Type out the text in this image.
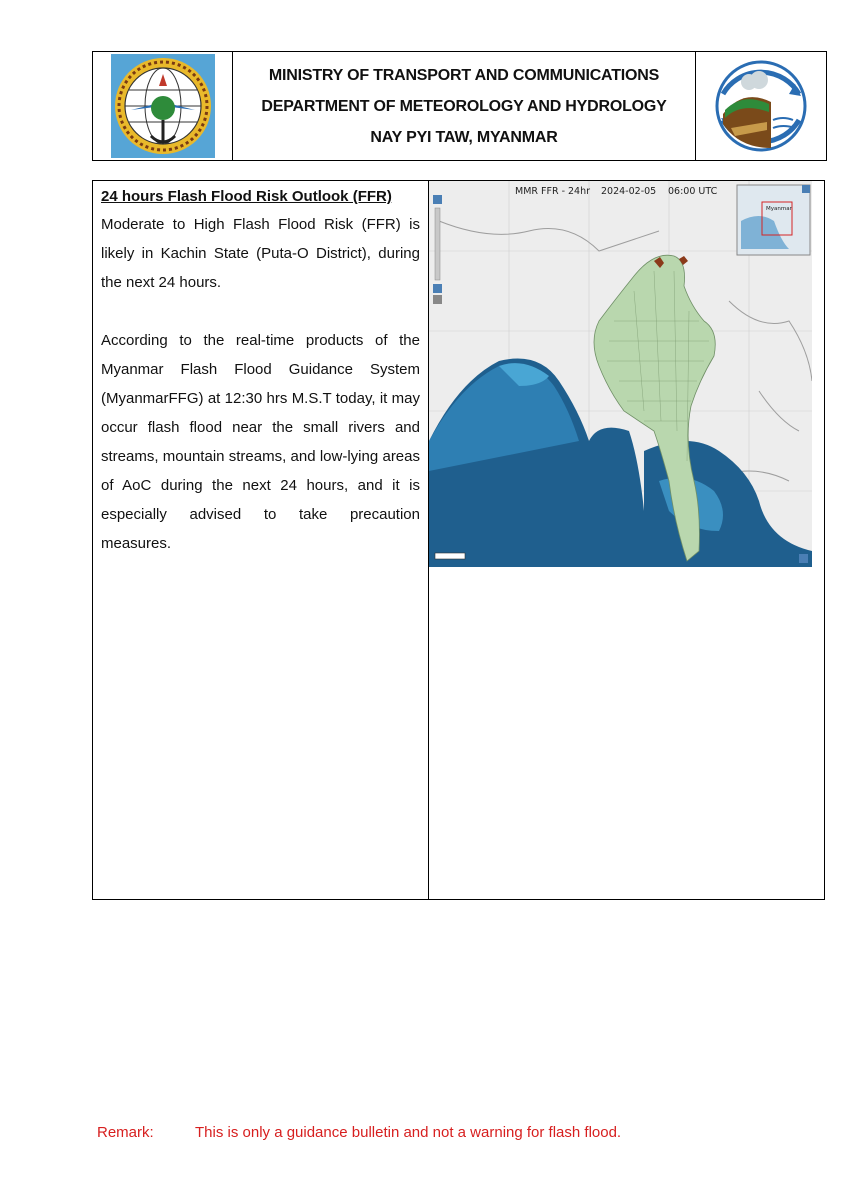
MINISTRY OF TRANSPORT AND COMMUNICATIONS
DEPARTMENT OF METEOROLOGY AND HYDROLOGY
NAY PYI TAW, MYANMAR
24 hours Flash Flood Risk Outlook (FFR)

Moderate to High Flash Flood Risk (FFR) is likely in Kachin State (Puta-O District), during the next 24 hours.

According to the real-time products of the Myanmar Flash Flood Guidance System (MyanmarFFG) at 12:30 hrs M.S.T today, it may occur flash flood near the small rivers and streams, mountain streams, and low-lying areas of AoC during the next 24 hours, and it is especially advised to take precaution measures.

MMR FFR - 24hr 2024-02-05 06:00 UTC
Myanmar
Remark:	This is only a guidance bulletin and not a warning for flash flood.
